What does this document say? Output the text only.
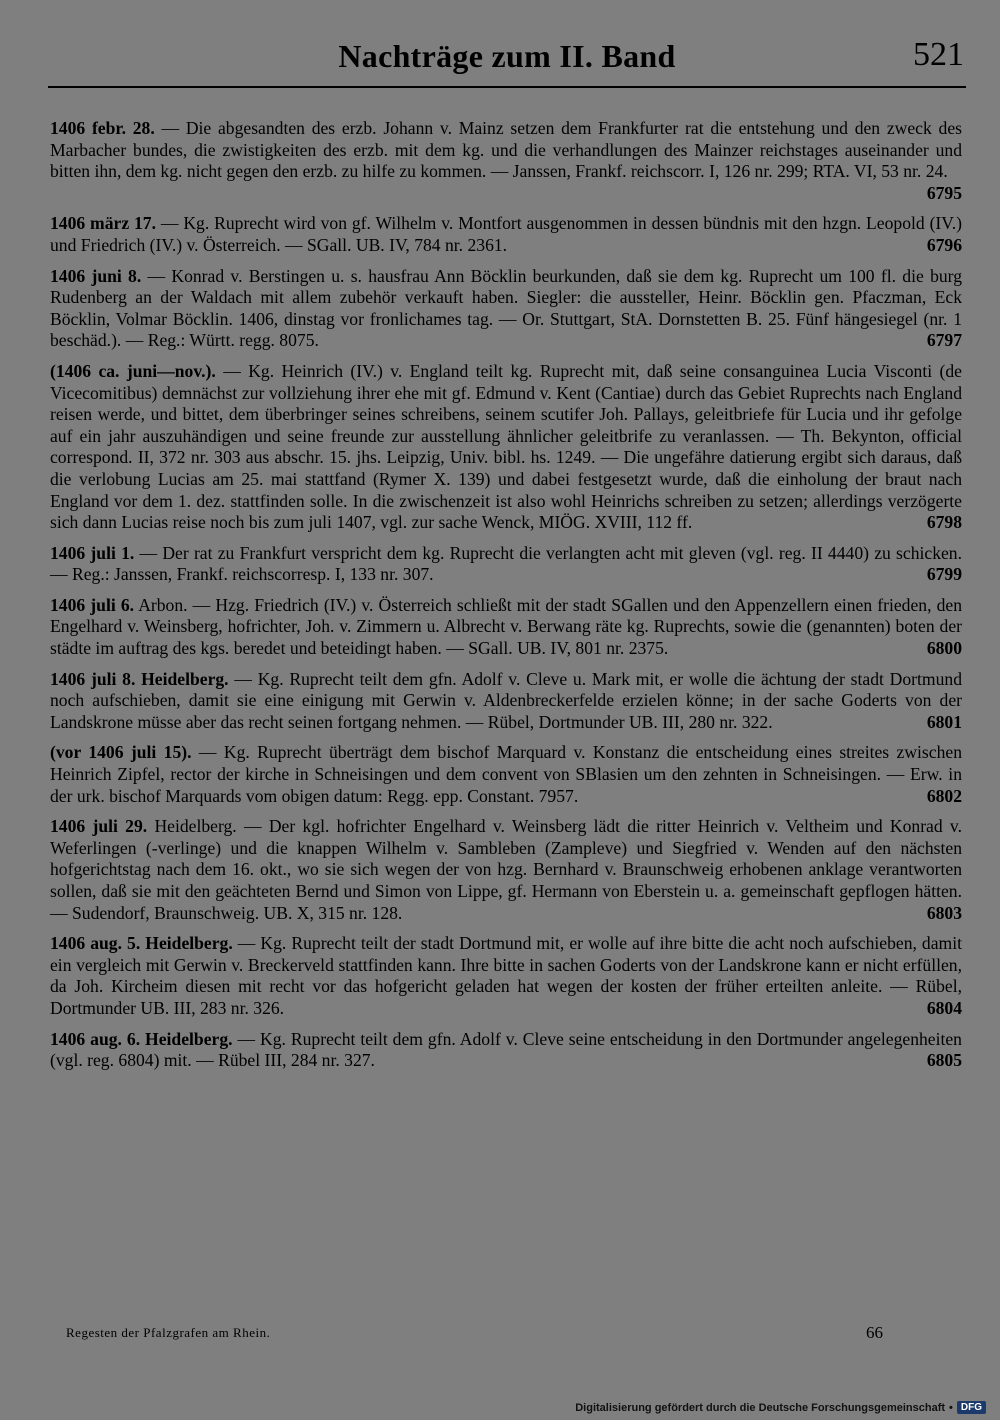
Nachträge zum II. Band	521
1406 febr. 28. — Die abgesandten des erzb. Johann v. Mainz setzen dem Frankfurter rat die entstehung und den zweck des Marbacher bundes, die zwistigkeiten des erzb. mit dem kg. und die verhandlungen des Mainzer reichstages auseinander und bitten ihn, dem kg. nicht gegen den erzb. zu hilfe zu kommen. — Janssen, Frankf. reichscorr. I, 126 nr. 299; RTA. VI, 53 nr. 24.
6795
1406 märz 17. — Kg. Ruprecht wird von gf. Wilhelm v. Montfort ausgenommen in dessen bündnis mit den hzgn. Leopold (IV.) und Friedrich (IV.) v. Österreich. — SGall. UB. IV, 784 nr. 2361.	6796
1406 juni 8. — Konrad v. Berstingen u. s. hausfrau Ann Böcklin beurkunden, daß sie dem kg. Ruprecht um 100 fl. die burg Rudenberg an der Waldach mit allem zubehör verkauft haben. Siegler: die aussteller, Heinr. Böcklin gen. Pfaczman, Eck Böcklin, Volmar Böcklin. 1406, dinstag vor fronlichames tag. — Or. Stuttgart, StA. Dornstetten B. 25. Fünf hängesiegel (nr. 1 beschäd.). — Reg.: Württ. regg. 8075.	6797
(1406 ca. juni—nov.). — Kg. Heinrich (IV.) v. England teilt kg. Ruprecht mit, daß seine consanguinea Lucia Visconti (de Vicecomitibus) demnächst zur vollziehung ihrer ehe mit gf. Edmund v. Kent (Cantiae) durch das Gebiet Ruprechts nach England reisen werde, und bittet, dem überbringer seines schreibens, seinem scutifer Joh. Pallays, geleitbriefe für Lucia und ihr gefolge auf ein jahr auszuhändigen und seine freunde zur ausstellung ähnlicher geleitbrife zu veranlassen. — Th. Bekynton, official correspond. II, 372 nr. 303 aus abschr. 15. jhs. Leipzig, Univ. bibl. hs. 1249. — Die ungefähre datierung ergibt sich daraus, daß die verlobung Lucias am 25. mai stattfand (Rymer X. 139) und dabei festgesetzt wurde, daß die einholung der braut nach England vor dem 1. dez. stattfinden solle. In die zwischenzeit ist also wohl Heinrichs schreiben zu setzen; allerdings verzögerte sich dann Lucias reise noch bis zum juli 1407, vgl. zur sache Wenck, MIÖG. XVIII, 112 ff.	6798
1406 juli 1. — Der rat zu Frankfurt verspricht dem kg. Ruprecht die verlangten acht mit gleven (vgl. reg. II 4440) zu schicken. — Reg.: Janssen, Frankf. reichscorresp. I, 133 nr. 307.	6799
1406 juli 6. Arbon. — Hzg. Friedrich (IV.) v. Österreich schließt mit der stadt SGallen und den Appenzellern einen frieden, den Engelhard v. Weinsberg, hofrichter, Joh. v. Zimmern u. Albrecht v. Berwang räte kg. Ruprechts, sowie die (genannten) boten der städte im auftrag des kgs. beredet und beteidingt haben. — SGall. UB. IV, 801 nr. 2375.	6800
1406 juli 8. Heidelberg. — Kg. Ruprecht teilt dem gfn. Adolf v. Cleve u. Mark mit, er wolle die ächtung der stadt Dortmund noch aufschieben, damit sie eine einigung mit Gerwin v. Aldenbreckerfelde erzielen könne; in der sache Goderts von der Landskrone müsse aber das recht seinen fortgang nehmen. — Rübel, Dortmunder UB. III, 280 nr. 322.	6801
(vor 1406 juli 15). — Kg. Ruprecht überträgt dem bischof Marquard v. Konstanz die entscheidung eines streites zwischen Heinrich Zipfel, rector der kirche in Schneisingen und dem convent von SBlasien um den zehnten in Schneisingen. — Erw. in der urk. bischof Marquards vom obigen datum: Regg. epp. Constant. 7957.	6802
1406 juli 29. Heidelberg. — Der kgl. hofrichter Engelhard v. Weinsberg lädt die ritter Heinrich v. Veltheim und Konrad v. Weferlingen (-verlinge) und die knappen Wilhelm v. Sambleben (Zampleve) und Siegfried v. Wenden auf den nächsten hofgerichtstag nach dem 16. okt., wo sie sich wegen der von hzg. Bernhard v. Braunschweig erhobenen anklage verantworten sollen, daß sie mit den geächteten Bernd und Simon von Lippe, gf. Hermann von Eberstein u. a. gemeinschaft gepflogen hätten. — Sudendorf, Braunschweig. UB. X, 315 nr. 128.	6803
1406 aug. 5. Heidelberg. — Kg. Ruprecht teilt der stadt Dortmund mit, er wolle auf ihre bitte die acht noch aufschieben, damit ein vergleich mit Gerwin v. Breckerveld stattfinden kann. Ihre bitte in sachen Goderts von der Landskrone kann er nicht erfüllen, da Joh. Kircheim diesen mit recht vor das hofgericht geladen hat wegen der kosten der früher erteilten anleite. — Rübel, Dortmunder UB. III, 283 nr. 326.	6804
1406 aug. 6. Heidelberg. — Kg. Ruprecht teilt dem gfn. Adolf v. Cleve seine entscheidung in den Dortmunder angelegenheiten (vgl. reg. 6804) mit. — Rübel III, 284 nr. 327.	6805
Regesten der Pfalzgrafen am Rhein.	66
Digitalisierung gefördert durch die Deutsche Forschungsgemeinschaft • DFG
